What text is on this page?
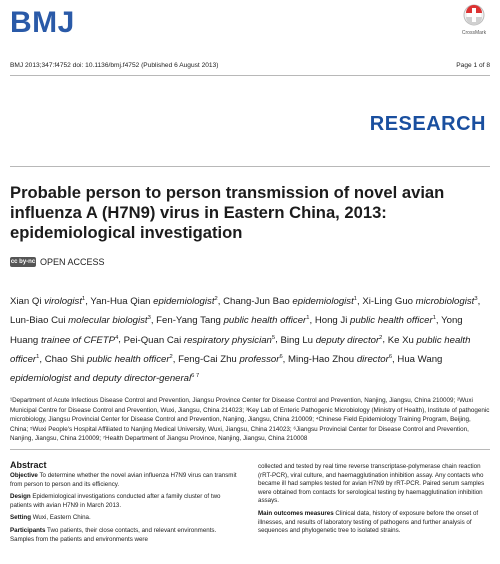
BMJ	CrossMark
BMJ 2013;347:f4752 doi: 10.1136/bmj.f4752 (Published 6 August 2013)	Page 1 of 8
RESEARCH
Probable person to person transmission of novel avian influenza A (H7N9) virus in Eastern China, 2013: epidemiological investigation
cc by-nc OPEN ACCESS

Xian Qi virologist$^1$, Yan-Hua Qian epidemiologist$^2$, Chang-Jun Bao epidemiologist$^1$, Xi-Ling Guo microbiologist$^3$, Lun-Biao Cui molecular biologist$^3$, Fen-Yang Tang public health officer$^1$, Hong Ji public health officer$^1$, Yong Huang trainee of CFETP$^4$, Pei-Quan Cai respiratory physician$^5$, Bing Lu deputy director$^2$, Ke Xu public health officer$^1$, Chao Shi public health officer$^2$, Feng-Cai Zhu professor$^6$, Ming-Hao Zhou director$^6$, Hua Wang epidemiologist and deputy director-general$^{6 7}$

¹Department of Acute Infectious Disease Control and Prevention, Jiangsu Province Center for Disease Control and Prevention, Nanjing, Jiangsu, China 210009; ²Wuxi Municipal Centre for Disease Control and Prevention, Wuxi, Jiangsu, China 214023; ³Key Lab of Enteric Pathogenic Microbiology (Ministry of Health), Institute of pathogenic microbiology, Jiangsu Provincial Center for Disease Control and Prevention, Nanjing, Jiangsu, China 210009; ⁴Chinese Field Epidemiology Training Program, Beijing, China; ⁵Wuxi People's Hospital Affiliated to Nanjing Medical University, Wuxi, Jiangsu, China 214023; ⁶Jiangsu Provincial Center for Disease Control and Prevention, Nanjing, Jiangsu, China 210009; ⁷Health Department of Jiangsu Province, Nanjing, Jiangsu, China 210008

Abstract

Objective To determine whether the novel avian influenza H7N9 virus can transmit from person to person and its efficiency.

Design Epidemiological investigations conducted after a family cluster of two patients with avian H7N9 in March 2013.

Setting Wuxi, Eastern China.

Participants Two patients, their close contacts, and relevant environments. Samples from the patients and environments were

collected and tested by real time reverse transcriptase-polymerase chain reaction (rRT-PCR), viral culture, and haemagglutination inhibition assay. Any contacts who became ill had samples tested for avian H7N9 by rRT-PCR. Paired serum samples were obtained from contacts for serological testing by haemagglutination inhibition assays.

Main outcomes measures Clinical data, history of exposure before the onset of illnesses, and results of laboratory testing of pathogens and further analysis of sequences and phylogenetic tree to isolated strains.
